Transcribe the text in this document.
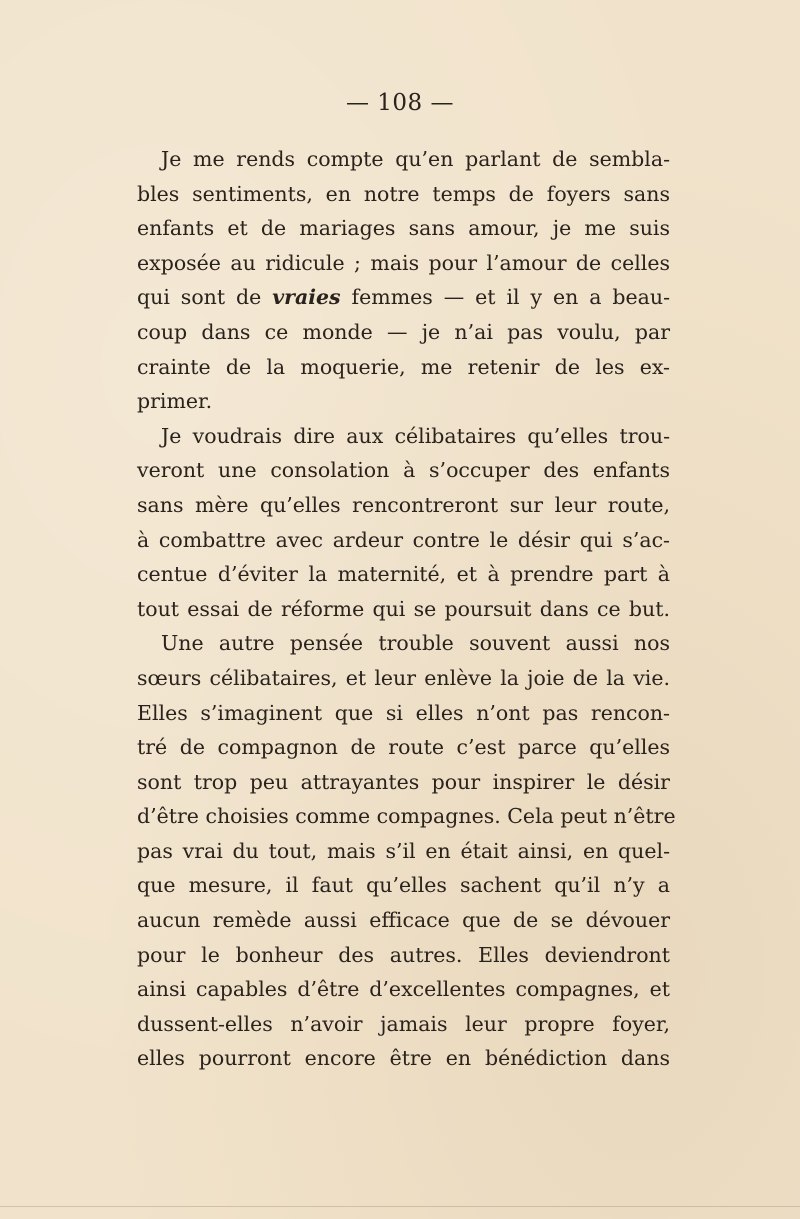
— 108 —
Je me rends compte qu’en parlant de sembla-
bles sentiments, en notre temps de foyers sans
enfants et de mariages sans amour, je me suis
exposée au ridicule ; mais pour l’amour de celles
qui sont de vraies femmes — et il y en a beau-
coup dans ce monde — je n’ai pas voulu, par
crainte de la moquerie, me retenir de les ex-
primer.
Je voudrais dire aux célibataires qu’elles trou-
veront une consolation à s’occuper des enfants
sans mère qu’elles rencontreront sur leur route,
à combattre avec ardeur contre le désir qui s’ac-
centue d’éviter la maternité, et à prendre part à
tout essai de réforme qui se poursuit dans ce but.
Une autre pensée trouble souvent aussi nos
sœurs célibataires, et leur enlève la joie de la vie.
Elles s’imaginent que si elles n’ont pas rencon-
tré de compagnon de route c’est parce qu’elles
sont trop peu attrayantes pour inspirer le désir
d’être choisies comme compagnes. Cela peut n’être
pas vrai du tout, mais s’il en était ainsi, en quel-
que mesure, il faut qu’elles sachent qu’il n’y a
aucun remède aussi efficace que de se dévouer
pour le bonheur des autres. Elles deviendront
ainsi capables d’être d’excellentes compagnes, et
dussent-elles n’avoir jamais leur propre foyer,
elles pourront encore être en bénédiction dans
